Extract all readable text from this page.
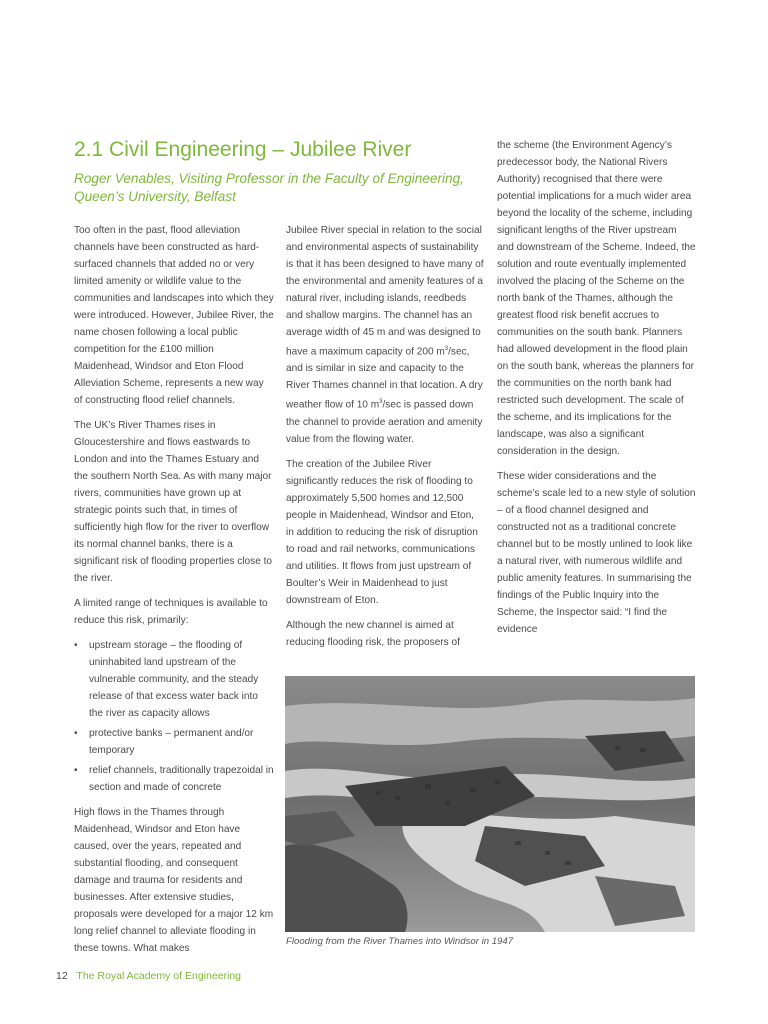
2.1 Civil Engineering – Jubilee River

Roger Venables, Visiting Professor in the Faculty of Engineering, Queen’s University, Belfast

Too often in the past, flood alleviation channels have been constructed as hard-surfaced channels that added no or very limited amenity or wildlife value to the communities and landscapes into which they were introduced. However, Jubilee River, the name chosen following a local public competition for the £100 million Maidenhead, Windsor and Eton Flood Alleviation Scheme, represents a new way of constructing flood relief channels.

The UK’s River Thames rises in Gloucestershire and flows eastwards to London and into the Thames Estuary and the southern North Sea. As with many major rivers, communities have grown up at strategic points such that, in times of sufficiently high flow for the river to overflow its normal channel banks, there is a significant risk of flooding properties close to the river.

A limited range of techniques is available to reduce this risk, primarily:

• upstream storage – the flooding of uninhabited land upstream of the vulnerable community, and the steady release of that excess water back into the river as capacity allows
• protective banks – permanent and/or temporary
• relief channels, traditionally trapezoidal in section and made of concrete

High flows in the Thames through Maidenhead, Windsor and Eton have caused, over the years, repeated and substantial flooding, and consequent damage and trauma for residents and businesses. After extensive studies, proposals were developed for a major 12 km long relief channel to alleviate flooding in these towns. What makes

Jubilee River special in relation to the social and environmental aspects of sustainability is that it has been designed to have many of the environmental and amenity features of a natural river, including islands, reedbeds and shallow margins. The channel has an average width of 45 m and was designed to have a maximum capacity of 200 $m^3/\sec$, and is similar in size and capacity to the River Thames channel in that location. A dry weather flow of 10 $m^3/\sec$ is passed down the channel to provide aeration and amenity value from the flowing water.

The creation of the Jubilee River significantly reduces the risk of flooding to approximately 5,500 homes and 12,500 people in Maidenhead, Windsor and Eton, in addition to reducing the risk of disruption to road and rail networks, communications and utilities. It flows from just upstream of Boulter’s Weir in Maidenhead to just downstream of Eton.

Although the new channel is aimed at reducing flooding risk, the proposers of

the scheme (the Environment Agency’s predecessor body, the National Rivers Authority) recognised that there were potential implications for a much wider area beyond the locality of the scheme, including significant lengths of the River upstream and downstream of the Scheme. Indeed, the solution and route eventually implemented involved the placing of the Scheme on the north bank of the Thames, although the greatest flood risk benefit accrues to communities on the south bank. Planners had allowed development in the flood plain on the south bank, whereas the planners for the communities on the north bank had restricted such development. The scale of the scheme, and its implications for the landscape, was also a significant consideration in the design.

These wider considerations and the scheme’s scale led to a new style of solution – of a flood channel designed and constructed not as a traditional concrete channel but to be mostly unlined to look like a natural river, with numerous wildlife and public amenity features. In summarising the findings of the Public Inquiry into the Scheme, the Inspector said: “I find the evidence

Flooding from the River Thames into Windsor in 1947
12 The Royal Academy of Engineering
